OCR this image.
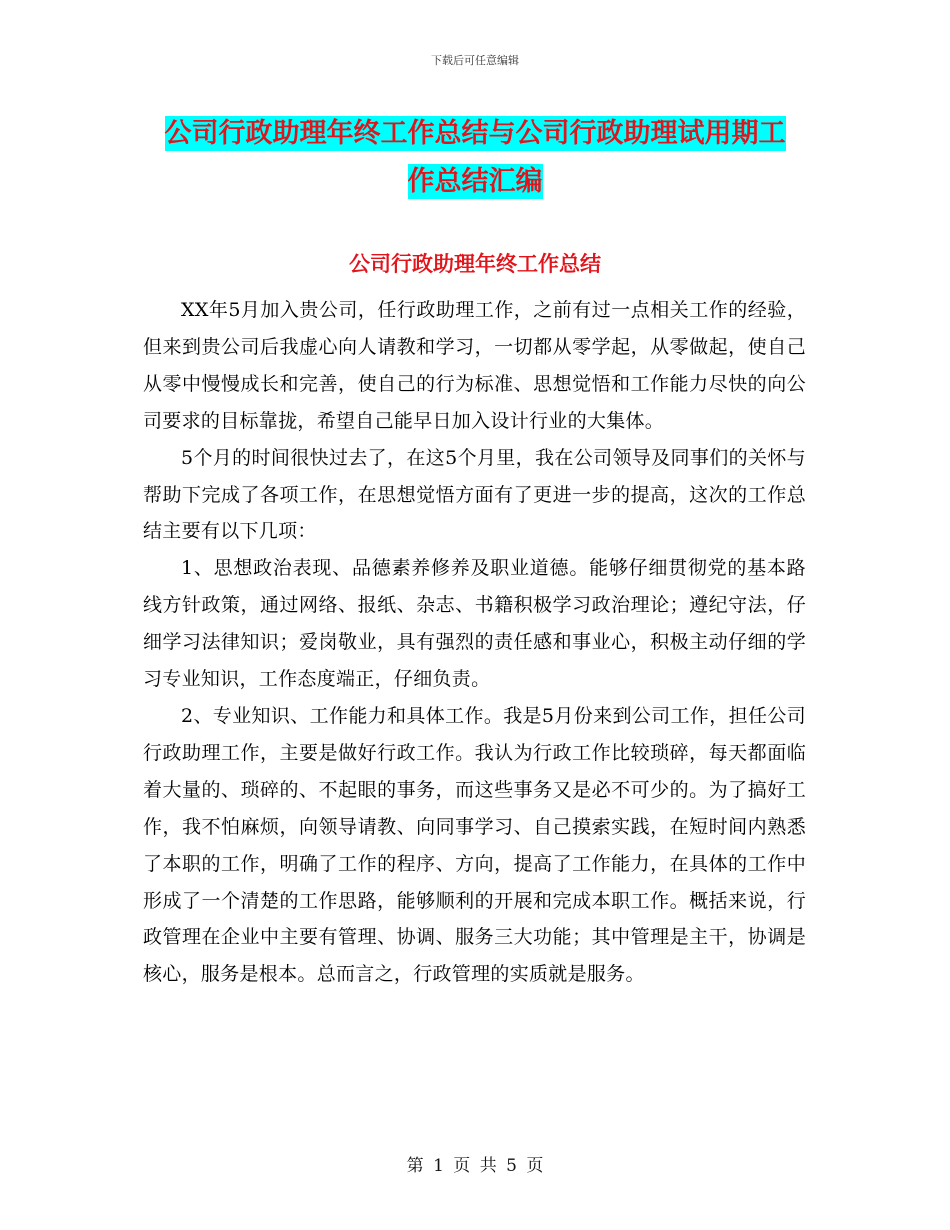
下载后可任意编辑
公司行政助理年终工作总结与公司行政助理试用期工
作总结汇编
公司行政助理年终工作总结

XX年5月加入贵公司，任行政助理工作，之前有过一点相关工作的经验，但来到贵公司后我虚心向人请教和学习，一切都从零学起，从零做起，使自己从零中慢慢成长和完善，使自己的行为标准、思想觉悟和工作能力尽快的向公司要求的目标靠拢，希望自己能早日加入设计行业的大集体。

5个月的时间很快过去了，在这5个月里，我在公司领导及同事们的关怀与帮助下完成了各项工作，在思想觉悟方面有了更进一步的提高，这次的工作总结主要有以下几项：

1、思想政治表现、品德素养修养及职业道德。能够仔细贯彻党的基本路线方针政策，通过网络、报纸、杂志、书籍积极学习政治理论；遵纪守法，仔细学习法律知识；爱岗敬业，具有强烈的责任感和事业心，积极主动仔细的学习专业知识，工作态度端正，仔细负责。

2、专业知识、工作能力和具体工作。我是5月份来到公司工作，担任公司行政助理工作，主要是做好行政工作。我认为行政工作比较琐碎，每天都面临着大量的、琐碎的、不起眼的事务，而这些事务又是必不可少的。为了搞好工作，我不怕麻烦，向领导请教、向同事学习、自己摸索实践，在短时间内熟悉了本职的工作，明确了工作的程序、方向，提高了工作能力，在具体的工作中形成了一个清楚的工作思路，能够顺利的开展和完成本职工作。概括来说，行政管理在企业中主要有管理、协调、服务三大功能；其中管理是主干，协调是核心，服务是根本。总而言之，行政管理的实质就是服务。

第 1 页 共 5 页
